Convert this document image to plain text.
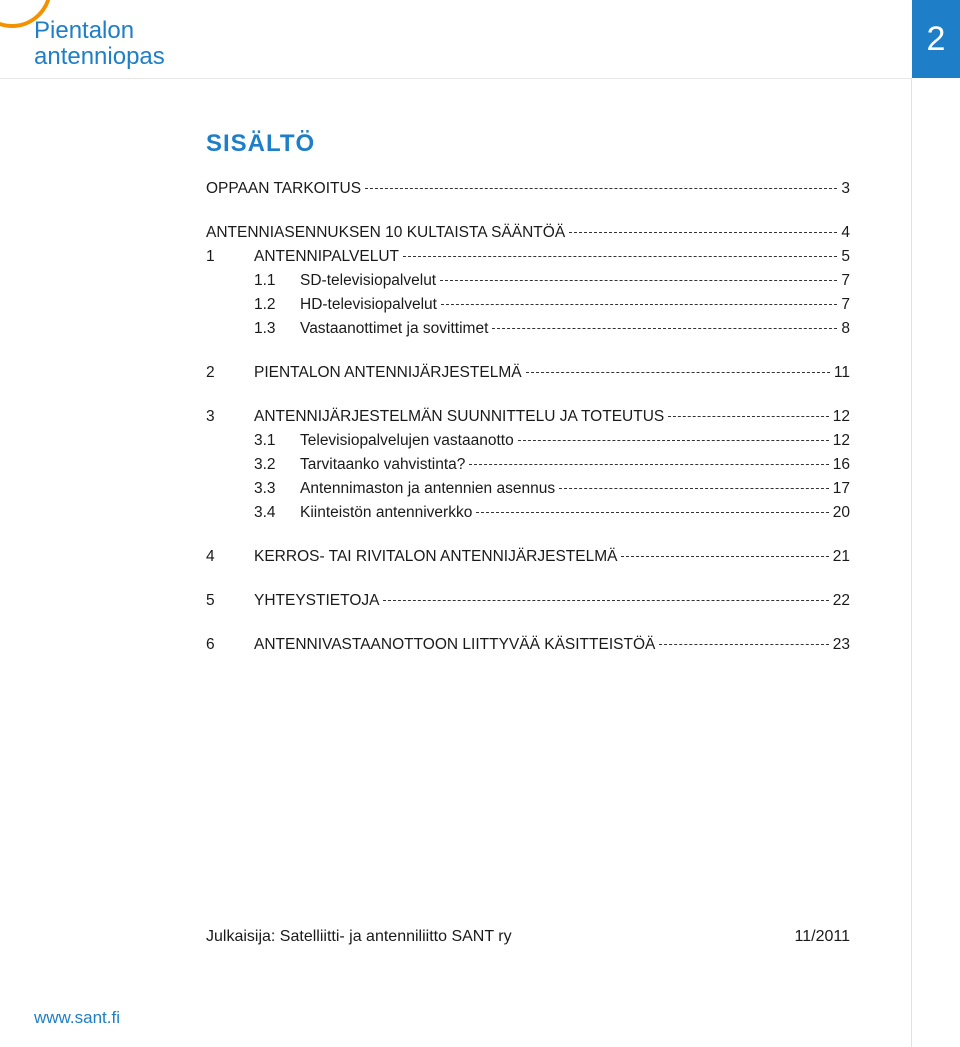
Pientalon
antenniopas	2
SISÄLTÖ
OPPAAN TARKOITUS	3
ANTENNIASENNUKSEN 10 KULTAISTA SÄÄNTÖÄ	4
1	ANTENNIPALVELUT	5
1.1	SD-televisiopalvelut	7
1.2	HD-televisiopalvelut	7
1.3	Vastaanottimet ja sovittimet	8
2	PIENTALON ANTENNIJÄRJESTELMÄ	11
3	ANTENNIJÄRJESTELMÄN SUUNNITTELU JA TOTEUTUS	12
3.1	Televisiopalvelujen vastaanotto	12
3.2	Tarvitaanko vahvistinta?	16
3.3	Antennimaston ja antennien asennus	17
3.4	Kiinteistön antenniverkko	20
4	KERROS- TAI RIVITALON ANTENNIJÄRJESTELMÄ	21
5	YHTEYSTIETOJA	22
6	ANTENNIVASTAANOTTOON LIITTYVÄÄ KÄSITTEISTÖÄ	23
Julkaisija: Satelliitti- ja antenniliitto SANT ry	11/2011
www.sant.fi
